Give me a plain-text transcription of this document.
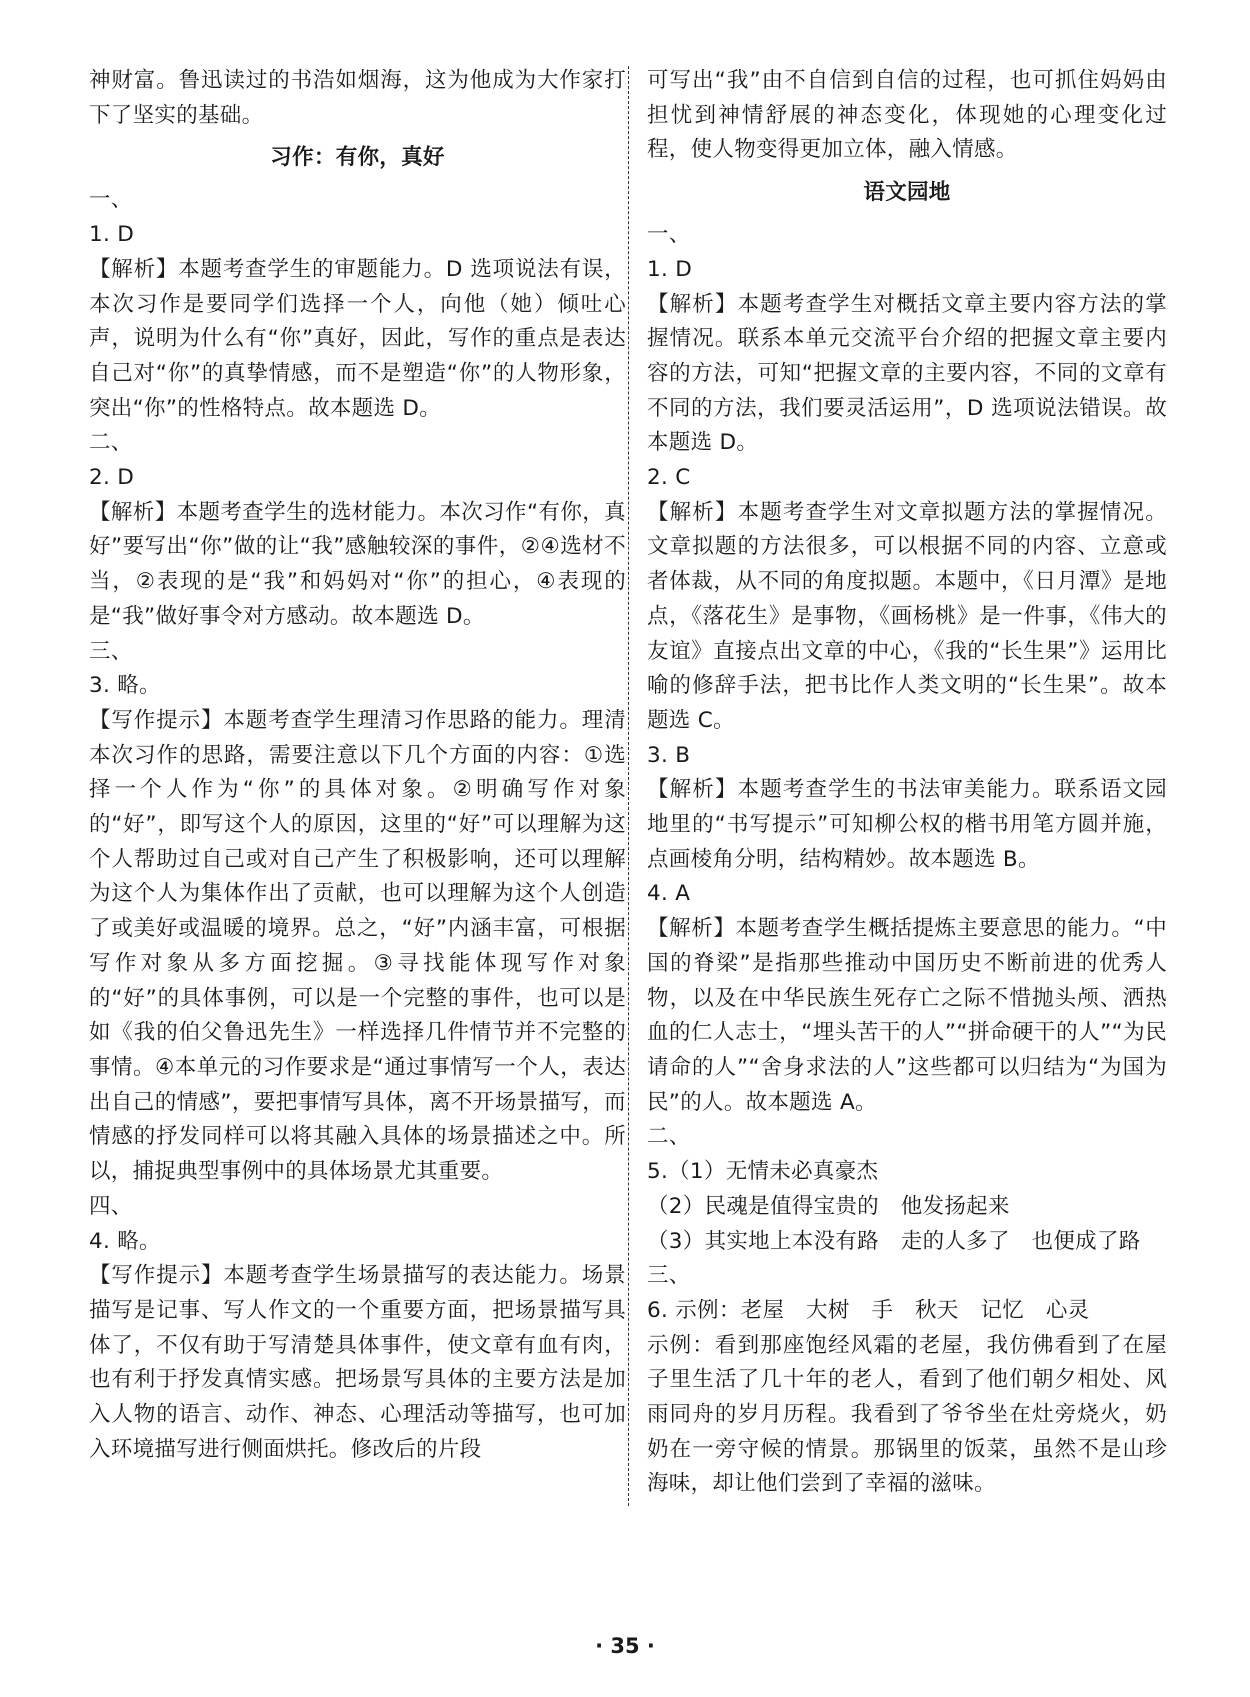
神财富。鲁迅读过的书浩如烟海，这为他成为大作家打下了坚实的基础。

习作：有你，真好

一、

1. D

【解析】本题考查学生的审题能力。D 选项说法有误，本次习作是要同学们选择一个人，向他（她）倾吐心声，说明为什么有“你”真好，因此，写作的重点是表达自己对“你”的真挚情感，而不是塑造“你”的人物形象，突出“你”的性格特点。故本题选 D。

二、

2. D

【解析】本题考查学生的选材能力。本次习作“有你，真好”要写出“你”做的让“我”感触较深的事件，②④选材不当，②表现的是“我”和妈妈对“你”的担心，④表现的是“我”做好事令对方感动。故本题选 D。

三、

3. 略。

【写作提示】本题考查学生理清习作思路的能力。理清本次习作的思路，需要注意以下几个方面的内容：①选择一个人作为“你”的具体对象。②明确写作对象的“好”，即写这个人的原因，这里的“好”可以理解为这个人帮助过自己或对自己产生了积极影响，还可以理解为这个人为集体作出了贡献，也可以理解为这个人创造了或美好或温暖的境界。总之，“好”内涵丰富，可根据写作对象从多方面挖掘。③寻找能体现写作对象的“好”的具体事例，可以是一个完整的事件，也可以是如《我的伯父鲁迅先生》一样选择几件情节并不完整的事情。④本单元的习作要求是“通过事情写一个人，表达出自己的情感”，要把事情写具体，离不开场景描写，而情感的抒发同样可以将其融入具体的场景描述之中。所以，捕捉典型事例中的具体场景尤其重要。

四、

4. 略。

【写作提示】本题考查学生场景描写的表达能力。场景描写是记事、写人作文的一个重要方面，把场景描写具体了，不仅有助于写清楚具体事件，使文章有血有肉，也有利于抒发真情实感。把场景写具体的主要方法是加入人物的语言、动作、神态、心理活动等描写，也可加入环境描写进行侧面烘托。修改后的片段

可写出“我”由不自信到自信的过程，也可抓住妈妈由担忧到神情舒展的神态变化，体现她的心理变化过程，使人物变得更加立体，融入情感。

语文园地

一、

1. D

【解析】本题考查学生对概括文章主要内容方法的掌握情况。联系本单元交流平台介绍的把握文章主要内容的方法，可知“把握文章的主要内容，不同的文章有不同的方法，我们要灵活运用”，D 选项说法错误。故本题选 D。

2. C

【解析】本题考查学生对文章拟题方法的掌握情况。文章拟题的方法很多，可以根据不同的内容、立意或者体裁，从不同的角度拟题。本题中，《日月潭》是地点，《落花生》是事物，《画杨桃》是一件事，《伟大的友谊》直接点出文章的中心，《我的“长生果”》运用比喻的修辞手法，把书比作人类文明的“长生果”。故本题选 C。

3. B

【解析】本题考查学生的书法审美能力。联系语文园地里的“书写提示”可知柳公权的楷书用笔方圆并施，点画棱角分明，结构精妙。故本题选 B。

4. A

【解析】本题考查学生概括提炼主要意思的能力。“中国的脊梁”是指那些推动中国历史不断前进的优秀人物，以及在中华民族生死存亡之际不惜抛头颅、洒热血的仁人志士，“埋头苦干的人”“拼命硬干的人”“为民请命的人”“舍身求法的人”这些都可以归结为“为国为民”的人。故本题选 A。

二、

5.（1）无情未必真豪杰

（2）民魂是值得宝贵的　他发扬起来

（3）其实地上本没有路　走的人多了　也便成了路

三、

6. 示例：老屋　大树　手　秋天　记忆　心灵

示例：看到那座饱经风霜的老屋，我仿佛看到了在屋子里生活了几十年的老人，看到了他们朝夕相处、风雨同舟的岁月历程。我看到了爷爷坐在灶旁烧火，奶奶在一旁守候的情景。那锅里的饭菜，虽然不是山珍海味，却让他们尝到了幸福的滋味。

· 35 ·
